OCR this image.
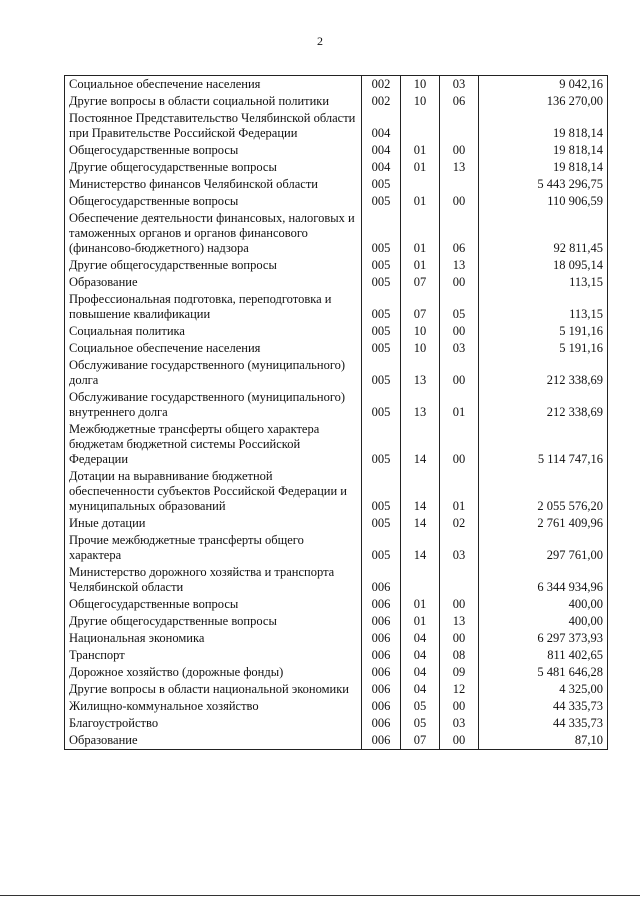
2
Социальное обеспечение населения	002	10	03	9 042,16
Другие вопросы в области социальной политики	002	10	06	136 270,00
Постоянное Представительство Челябинской области при Правительстве Российской Федерации	004			19 818,14
Общегосударственные вопросы	004	01	00	19 818,14
Другие общегосударственные вопросы	004	01	13	19 818,14
Министерство финансов Челябинской области	005			5 443 296,75
Общегосударственные вопросы	005	01	00	110 906,59
Обеспечение деятельности финансовых, налоговых и таможенных органов и органов финансового (финансово-бюджетного) надзора	005	01	06	92 811,45
Другие общегосударственные вопросы	005	01	13	18 095,14
Образование	005	07	00	113,15
Профессиональная подготовка, переподготовка и повышение квалификации	005	07	05	113,15
Социальная политика	005	10	00	5 191,16
Социальное обеспечение населения	005	10	03	5 191,16
Обслуживание государственного (муниципального) долга	005	13	00	212 338,69
Обслуживание государственного (муниципального) внутреннего долга	005	13	01	212 338,69
Межбюджетные трансферты общего характера бюджетам бюджетной системы Российской Федерации	005	14	00	5 114 747,16
Дотации на выравнивание бюджетной обеспеченности субъектов Российской Федерации и муниципальных образований	005	14	01	2 055 576,20
Иные дотации	005	14	02	2 761 409,96
Прочие межбюджетные трансферты общего характера	005	14	03	297 761,00
Министерство дорожного хозяйства и транспорта Челябинской области	006			6 344 934,96
Общегосударственные вопросы	006	01	00	400,00
Другие общегосударственные вопросы	006	01	13	400,00
Национальная экономика	006	04	00	6 297 373,93
Транспорт	006	04	08	811 402,65
Дорожное хозяйство (дорожные фонды)	006	04	09	5 481 646,28
Другие вопросы в области национальной экономики	006	04	12	4 325,00
Жилищно-коммунальное хозяйство	006	05	00	44 335,73
Благоустройство	006	05	03	44 335,73
Образование	006	07	00	87,10
